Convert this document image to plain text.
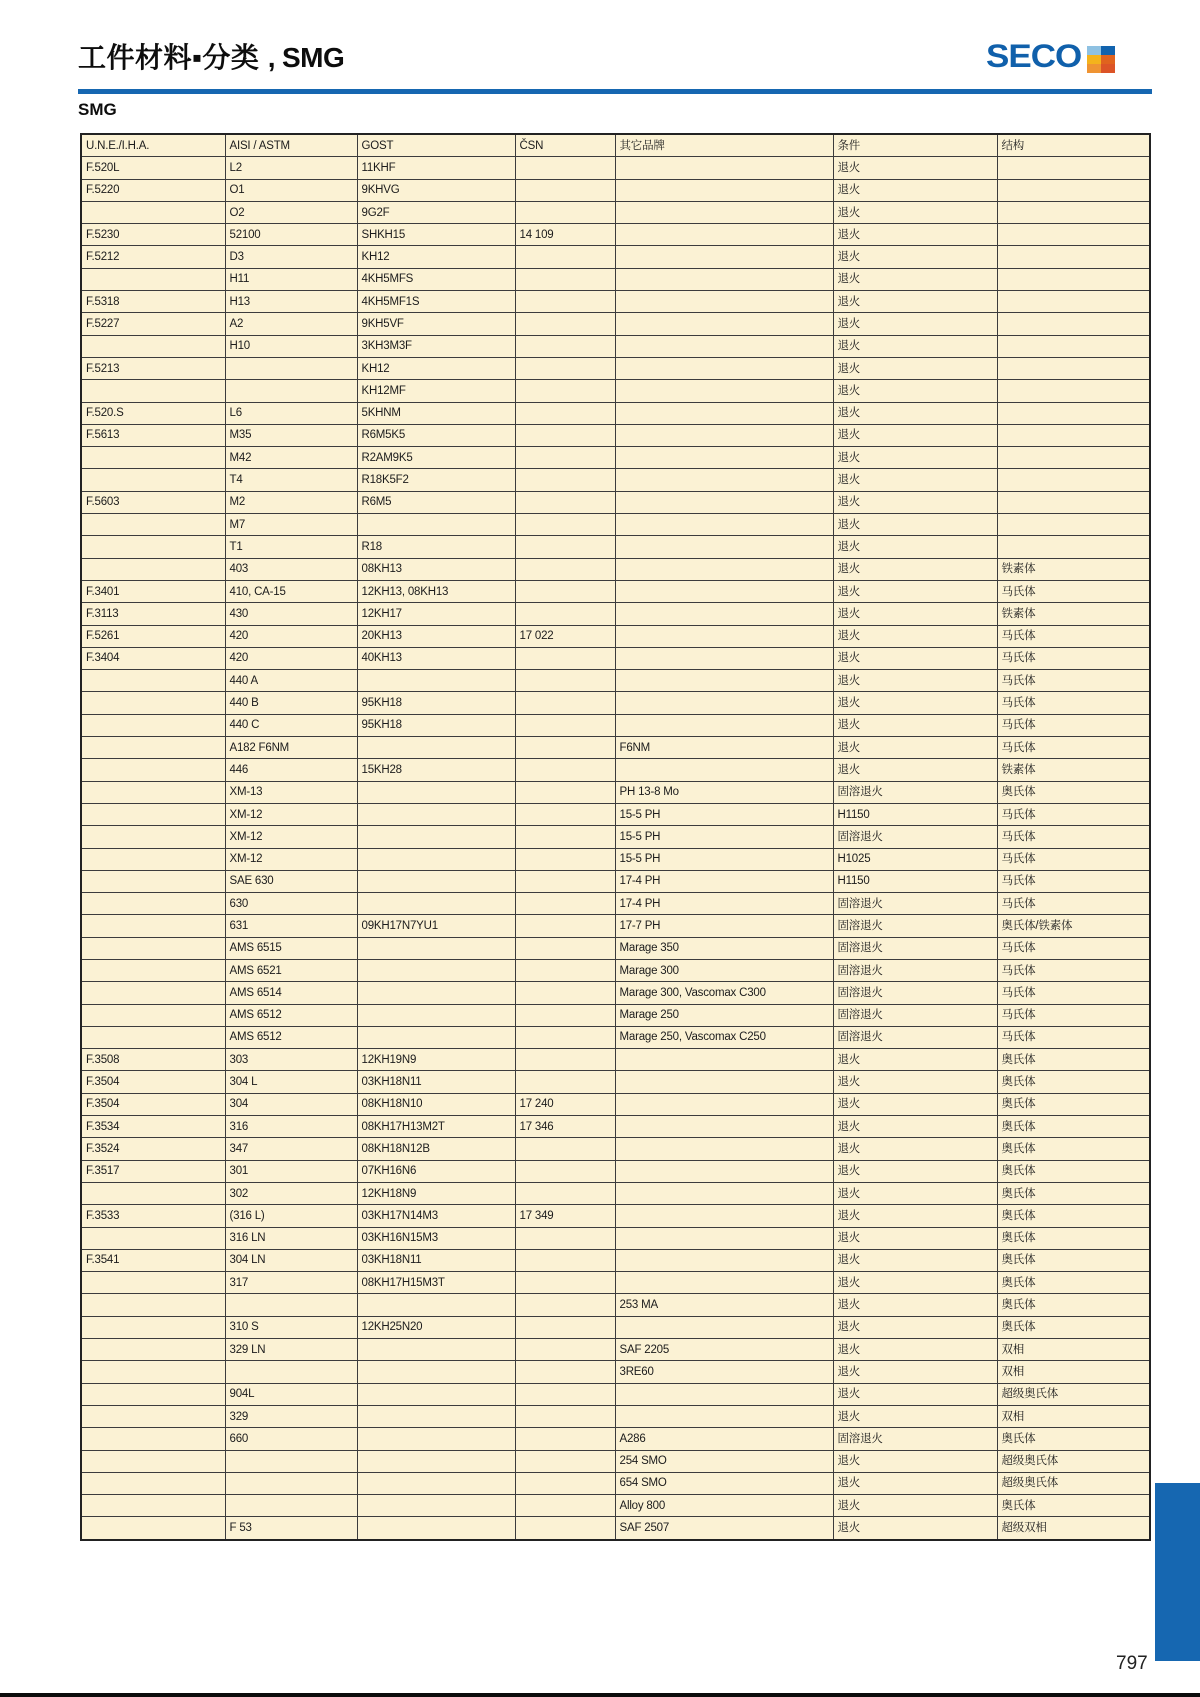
工件材料▪分类 , SMG	SECO
SMG
U.N.E./I.H.A.	AISI / ASTM	GOST	ČSN	其它品牌	条件	结构
F.520L	L2	11KHF			退火	
F.5220	O1	9KHVG			退火	
	O2	9G2F			退火	
F.5230	52100	SHKH15	14 109		退火	
F.5212	D3	KH12			退火	
	H11	4KH5MFS			退火	
F.5318	H13	4KH5MF1S			退火	
F.5227	A2	9KH5VF			退火	
	H10	3KH3M3F			退火	
F.5213		KH12			退火	
		KH12MF			退火	
F.520.S	L6	5KHNM			退火	
F.5613	M35	R6M5K5			退火	
	M42	R2AM9K5			退火	
	T4	R18K5F2			退火	
F.5603	M2	R6M5			退火	
	M7				退火	
	T1	R18			退火	
	403	08KH13			退火	铁素体
F.3401	410, CA-15	12KH13, 08KH13			退火	马氏体
F.3113	430	12KH17			退火	铁素体
F.5261	420	20KH13	17 022		退火	马氏体
F.3404	420	40KH13			退火	马氏体
	440 A				退火	马氏体
	440 B	95KH18			退火	马氏体
	440 C	95KH18			退火	马氏体
	A182 F6NM			F6NM	退火	马氏体
	446	15KH28			退火	铁素体
	XM-13			PH 13-8 Mo	固溶退火	奥氏体
	XM-12			15-5 PH	H1150	马氏体
	XM-12			15-5 PH	固溶退火	马氏体
	XM-12			15-5 PH	H1025	马氏体
	SAE 630			17-4 PH	H1150	马氏体
	630			17-4 PH	固溶退火	马氏体
	631	09KH17N7YU1		17-7 PH	固溶退火	奥氏体/铁素体
	AMS 6515			Marage 350	固溶退火	马氏体
	AMS 6521			Marage 300	固溶退火	马氏体
	AMS 6514			Marage 300, Vascomax C300	固溶退火	马氏体
	AMS 6512			Marage 250	固溶退火	马氏体
	AMS 6512			Marage 250, Vascomax C250	固溶退火	马氏体
F.3508	303	12KH19N9			退火	奥氏体
F.3504	304 L	03KH18N11			退火	奥氏体
F.3504	304	08KH18N10	17 240		退火	奥氏体
F.3534	316	08KH17H13M2T	17 346		退火	奥氏体
F.3524	347	08KH18N12B			退火	奥氏体
F.3517	301	07KH16N6			退火	奥氏体
	302	12KH18N9			退火	奥氏体
F.3533	(316 L)	03KH17N14M3	17 349		退火	奥氏体
	316 LN	03KH16N15M3			退火	奥氏体
F.3541	304 LN	03KH18N11			退火	奥氏体
	317	08KH17H15M3T			退火	奥氏体
				253 MA	退火	奥氏体
	310 S	12KH25N20			退火	奥氏体
	329 LN			SAF 2205	退火	双相
				3RE60	退火	双相
	904L				退火	超级奥氏体
	329				退火	双相
	660			A286	固溶退火	奥氏体
				254 SMO	退火	超级奥氏体
				654 SMO	退火	超级奥氏体
				Alloy 800	退火	奥氏体
	F 53			SAF 2507	退火	超级双相
797
